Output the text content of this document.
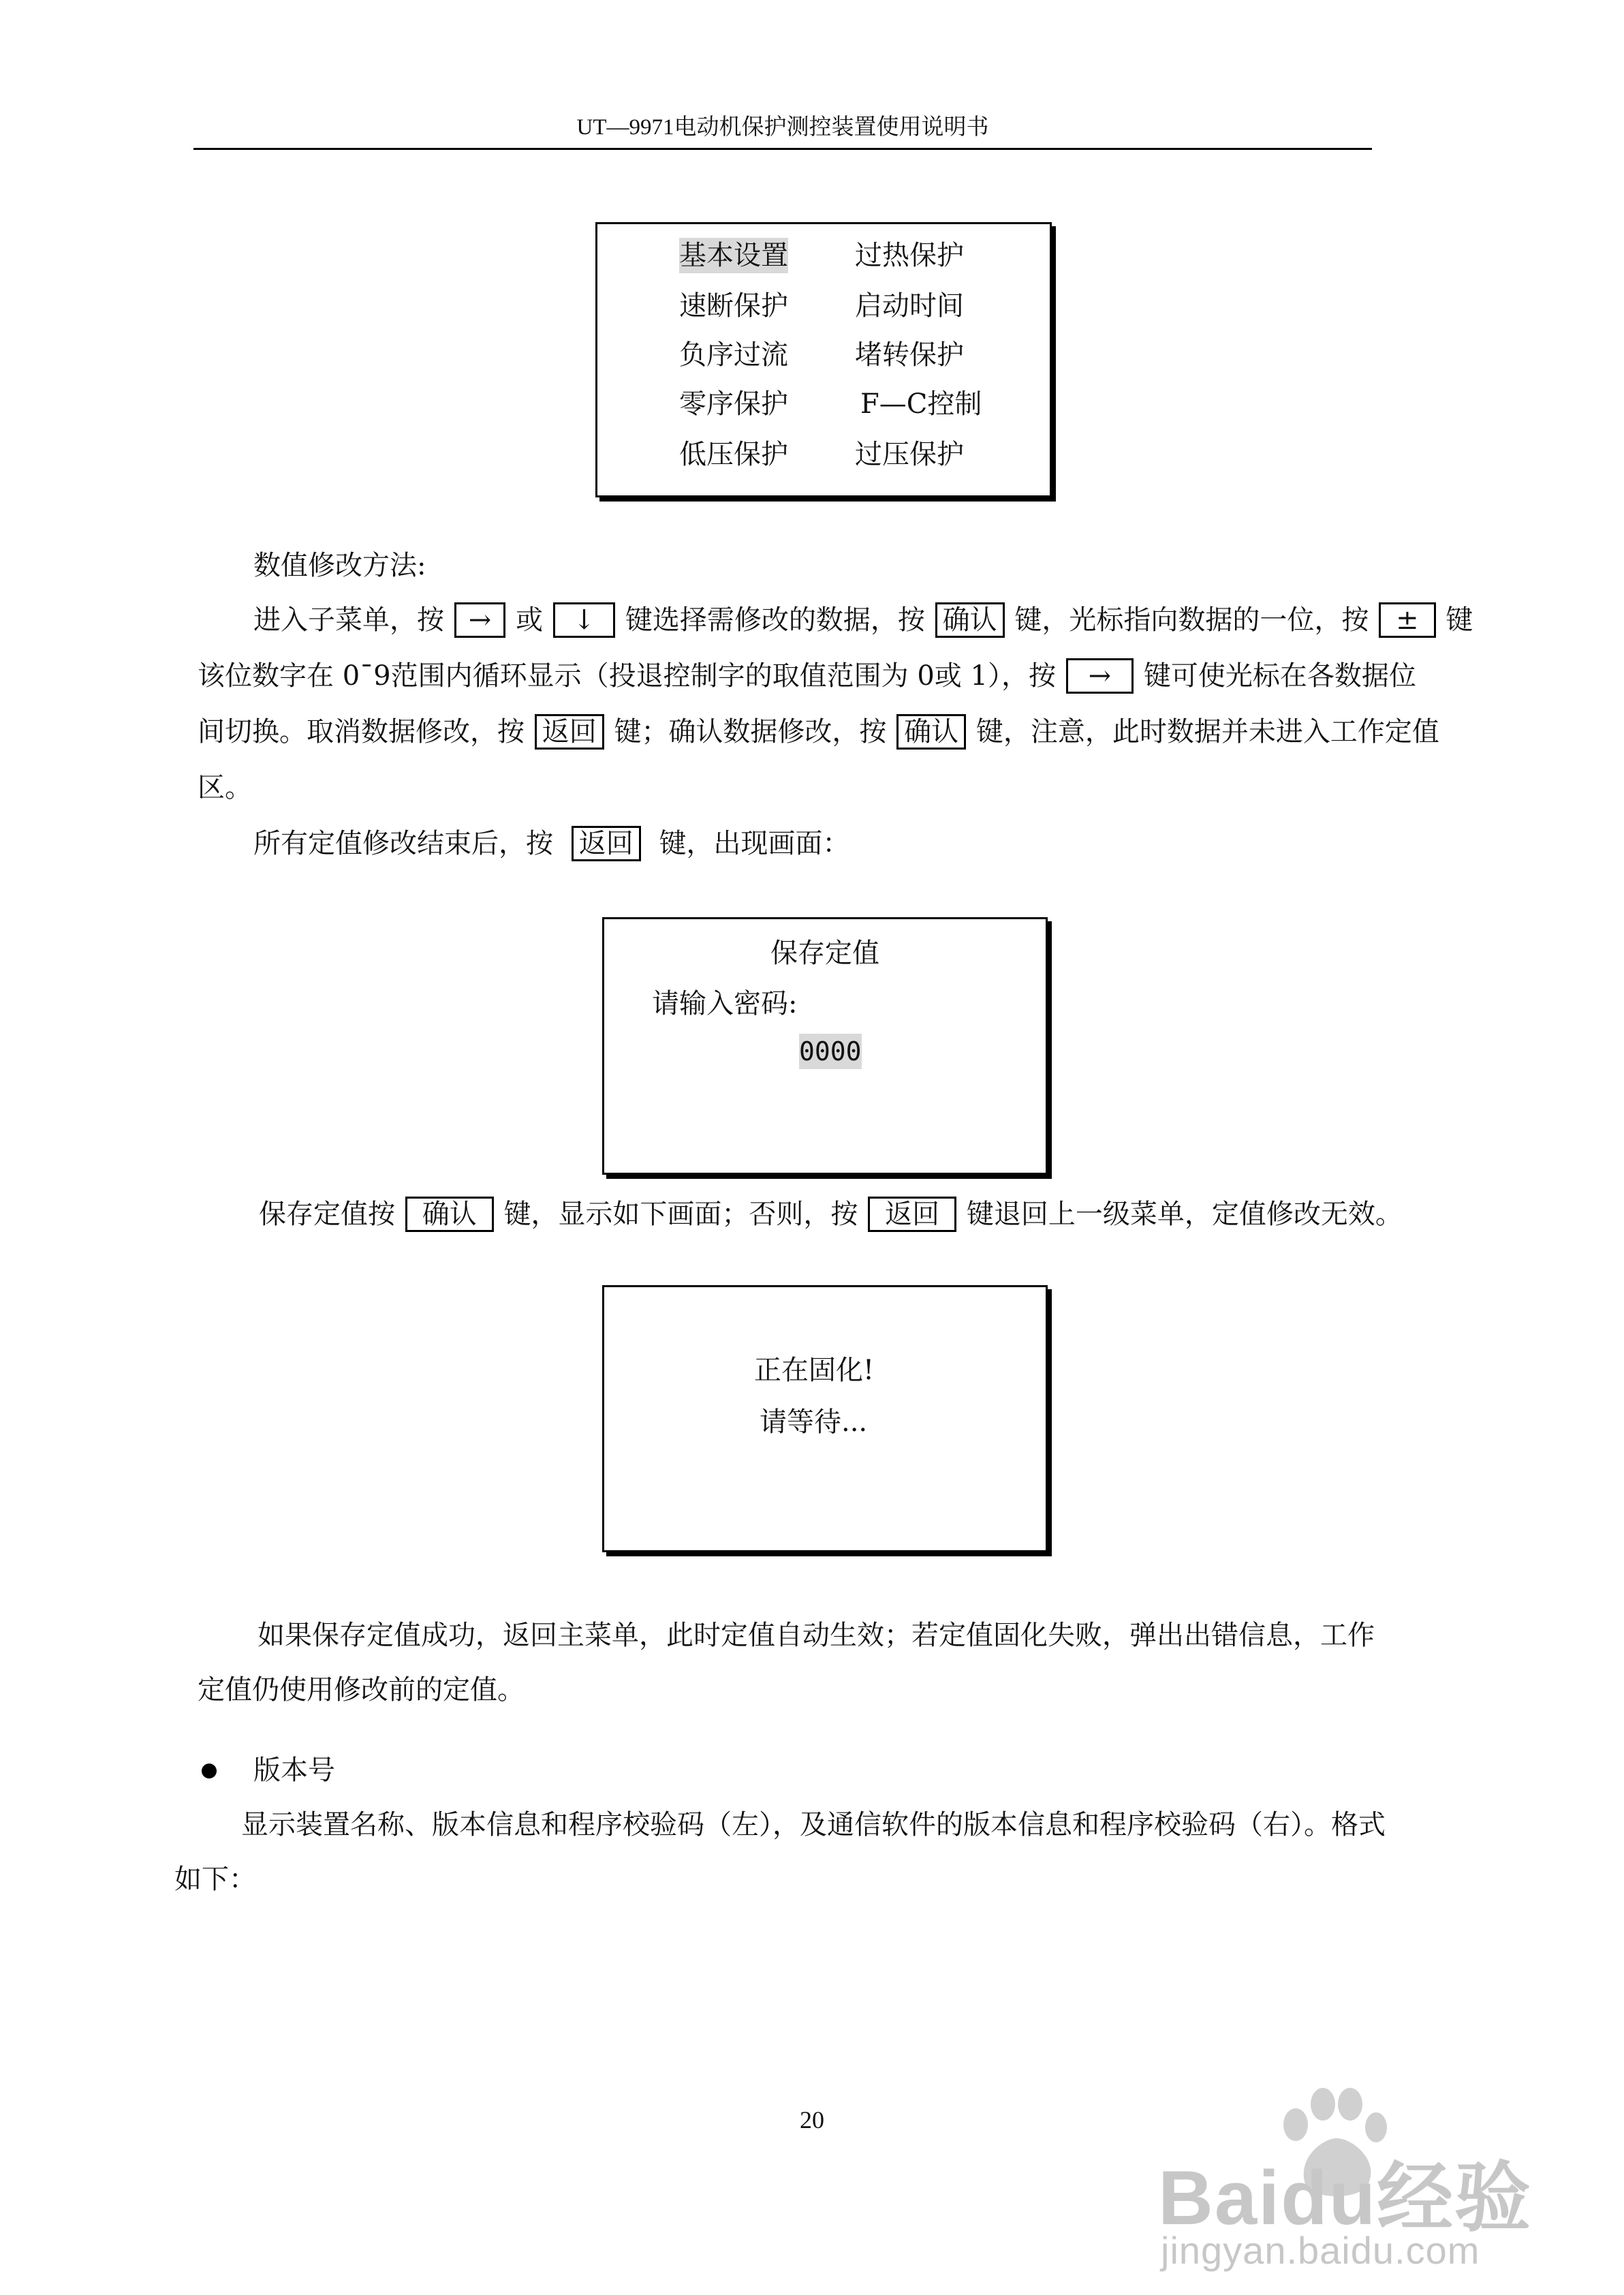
UT—9971电动机保护测控装置使用说明书
基本设置 过热保护
速断保护 启动时间
负序过流 堵转保护
零序保护	F—C控制
低压保护 过压保护
数值修改方法:
进入子菜单，按 → 或 ↓ 键选择需修改的数据，按 确认 键，光标指向数据的一位，按 ± 键
该位数字在 0¯9范围内循环显示（投退控制字的取值范围为 0或 1），按 → 键可使光标在各数据位
间切换。取消数据修改，按 返回 键；确认数据修改，按 确认 键，注意，此时数据并未进入工作定值
区。
所有定值修改结束后，按 返回 键，出现画面：
保存定值
请输入密码:
0000
保存定值按 确认 键，显示如下画面；否则，按 返回 键退回上一级菜单，定值修改无效。
正在固化!
请等待...
如果保存定值成功，返回主菜单，此时定值自动生效；若定值固化失败，弹出出错信息，工作
定值仍使用修改前的定值。
版本号
显示装置名称、版本信息和程序校验码（左），及通信软件的版本信息和程序校验码（右）。格式
如下：
20
Baidu经验
jingyan.baidu.com
